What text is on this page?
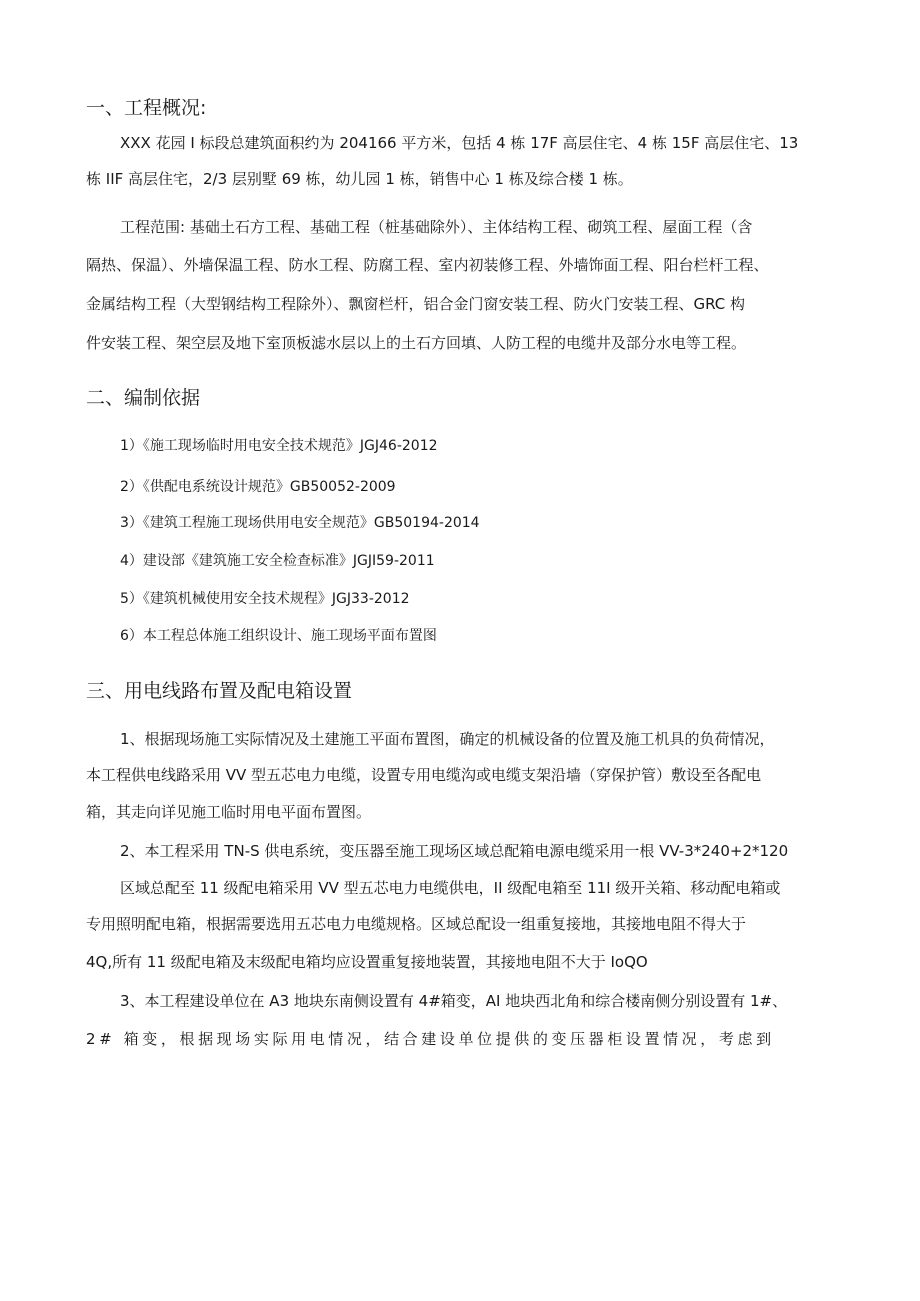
一、工程概况:
XXX 花园 I 标段总建筑面积约为 204166 平方米，包括 4 栋 17F 高层住宅、4 栋 15F 高层住宅、13
栋 IIF 高层住宅，2/3 层别墅 69 栋，幼儿园 1 栋，销售中心 1 栋及综合楼 1 栋。
工程范围: 基础土石方工程、基础工程（桩基础除外）、主体结构工程、砌筑工程、屋面工程（含
隔热、保温）、外墙保温工程、防水工程、防腐工程、室内初装修工程、外墙饰面工程、阳台栏杆工程、
金属结构工程（大型钢结构工程除外）、飘窗栏杆，铝合金门窗安装工程、防火门安装工程、GRC 构
件安装工程、架空层及地下室顶板滤水层以上的土石方回填、人防工程的电缆井及部分水电等工程。
二、编制依据
1）《施工现场临时用电安全技术规范》JGJ46-2012
2）《供配电系统设计规范》GB50052-2009
3）《建筑工程施工现场供用电安全规范》GB50194-2014
4）建设部《建筑施工安全检查标准》JGJI59-2011
5）《建筑机械使用安全技术规程》JGJ33-2012
6）本工程总体施工组织设计、施工现场平面布置图
三、用电线路布置及配电箱设置
1、根据现场施工实际情况及土建施工平面布置图，确定的机械设备的位置及施工机具的负荷情况，
本工程供电线路采用 VV 型五芯电力电缆，设置专用电缆沟或电缆支架沿墙（穿保护管）敷设至各配电
箱，其走向详见施工临时用电平面布置图。
2、本工程采用 TN-S 供电系统，变压器至施工现场区域总配箱电源电缆采用一根 VV-3*240+2*120
区域总配至 11 级配电箱采用 VV 型五芯电力电缆供电，II 级配电箱至 11I 级开关箱、移动配电箱或
专用照明配电箱，根据需要选用五芯电力电缆规格。区域总配设一组重复接地，其接地电阻不得大于
4Q,所有 11 级配电箱及末级配电箱均应设置重复接地装置，其接地电阻不大于 IoQO
3、本工程建设单位在 A3 地块东南侧设置有 4#箱变，AI 地块西北角和综合楼南侧分别设置有 1#、
2# 箱变，根据现场实际用电情况，结合建设单位提供的变压器柜设置情况，考虑到
